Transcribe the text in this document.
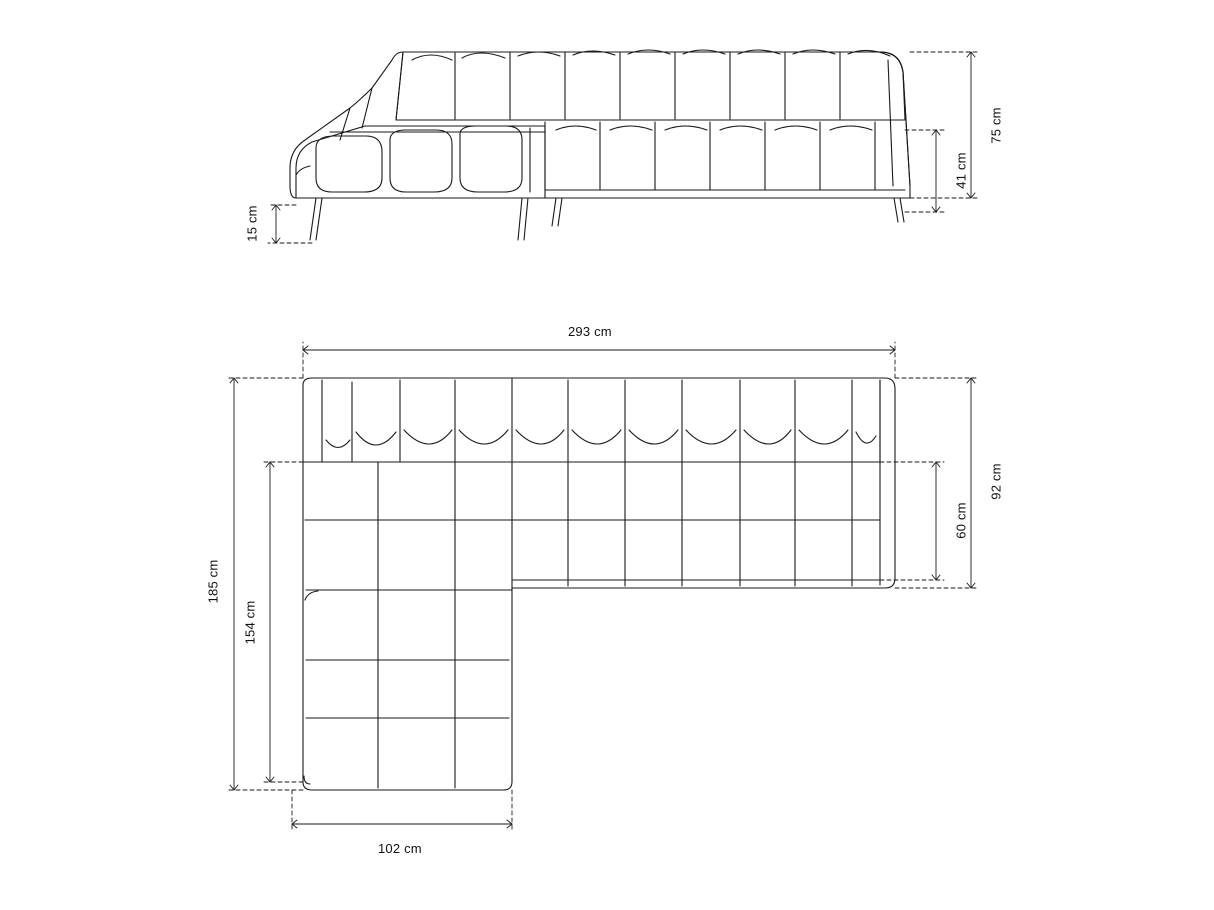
75 cm
41 cm
15 cm
293 cm
92 cm
60 cm
185 cm
154 cm
102 cm
